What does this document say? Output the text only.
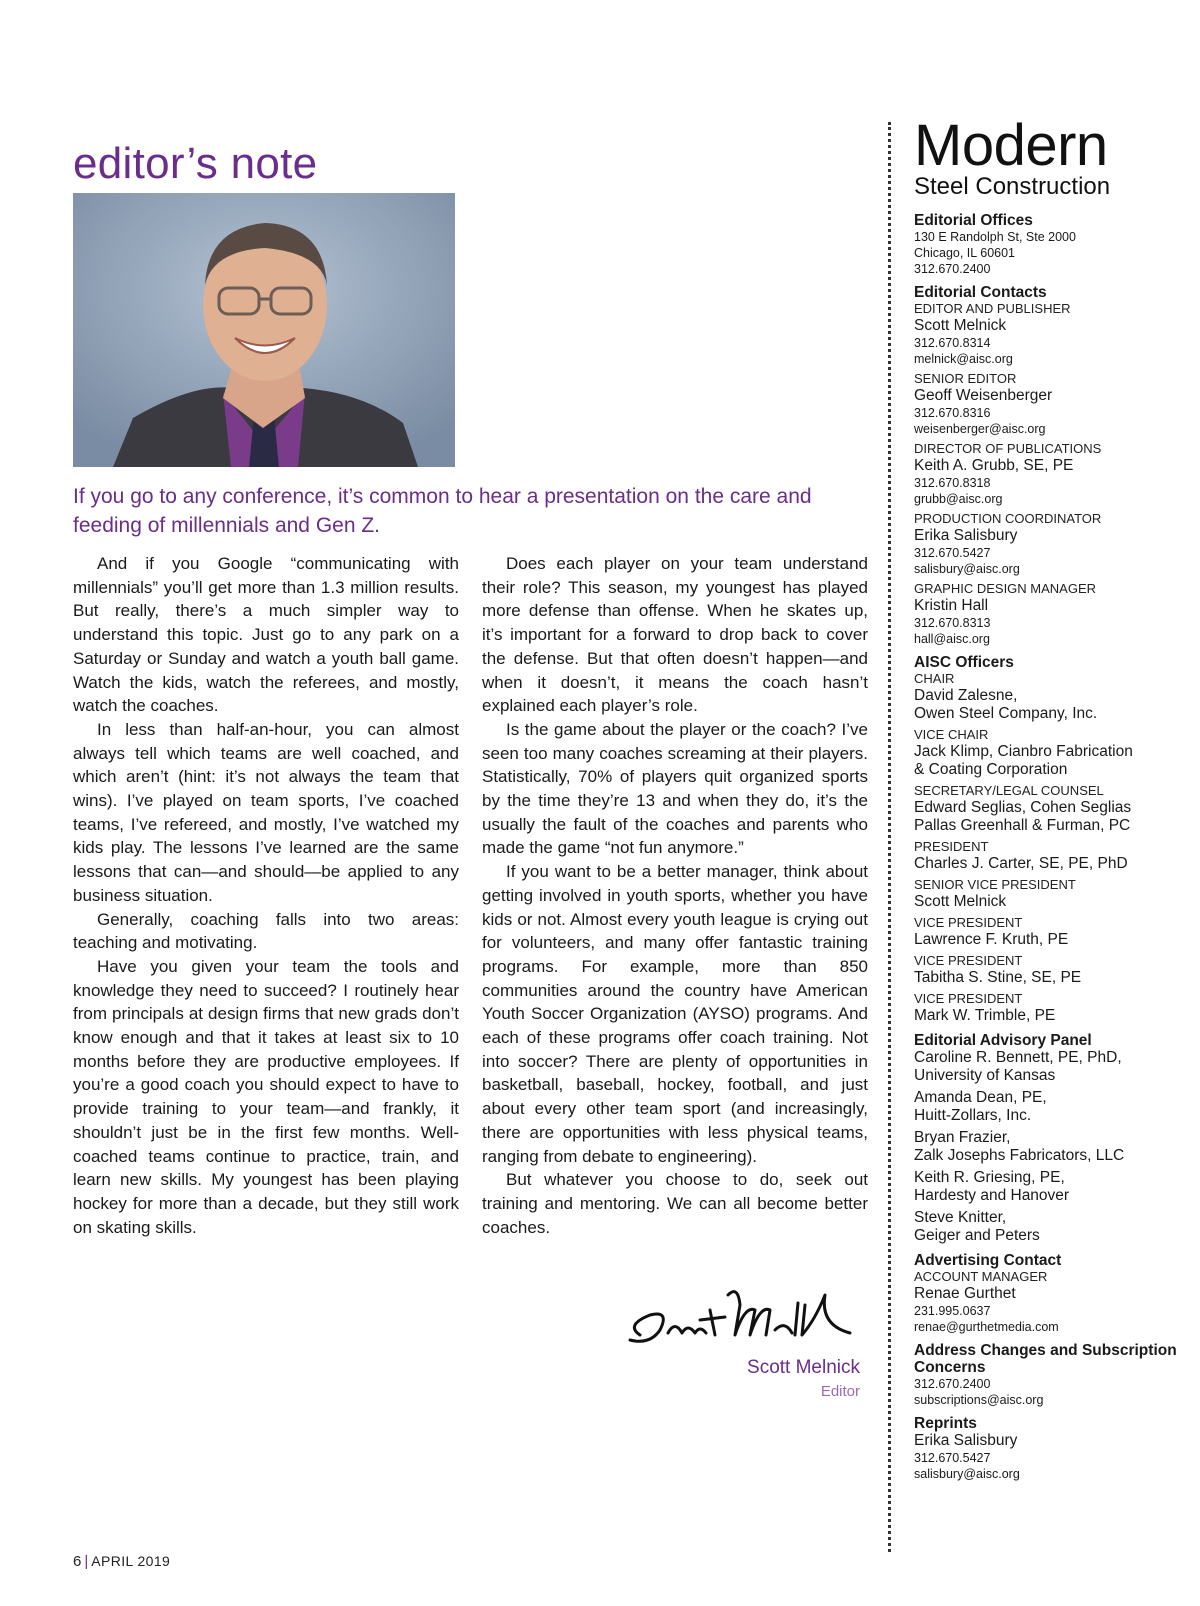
editor’s note
If you go to any conference, it’s common to hear a presentation on the care and feeding of millennials and Gen Z.

And if you Google “communicating with millennials” you’ll get more than 1.3 million results. But really, there’s a much simpler way to understand this topic. Just go to any park on a Saturday or Sunday and watch a youth ball game. Watch the kids, watch the referees, and mostly, watch the coaches.

In less than half-an-hour, you can almost always tell which teams are well coached, and which aren’t (hint: it’s not always the team that wins). I’ve played on team sports, I’ve coached teams, I’ve refereed, and mostly, I’ve watched my kids play. The lessons I’ve learned are the same lessons that can—and should—be applied to any business situation.

Generally, coaching falls into two areas: teaching and motivating.

Have you given your team the tools and knowledge they need to succeed? I routinely hear from principals at design firms that new grads don’t know enough and that it takes at least six to 10 months before they are productive employees. If you’re a good coach you should expect to have to provide training to your team—and frankly, it shouldn’t just be in the first few months. Well-coached teams continue to practice, train, and learn new skills. My youngest has been playing hockey for more than a decade, but they still work on skating skills.

Does each player on your team understand their role? This season, my youngest has played more defense than offense. When he skates up, it’s important for a forward to drop back to cover the defense. But that often doesn’t happen—and when it doesn’t, it means the coach hasn’t explained each player’s role.

Is the game about the player or the coach? I’ve seen too many coaches screaming at their players. Statistically, 70% of players quit organized sports by the time they’re 13 and when they do, it’s the usually the fault of the coaches and parents who made the game “not fun anymore.”

If you want to be a better manager, think about getting involved in youth sports, whether you have kids or not. Almost every youth league is crying out for volunteers, and many offer fantastic training programs. For example, more than 850 communities around the country have American Youth Soccer Organization (AYSO) programs. And each of these programs offer coach training. Not into soccer? There are plenty of opportunities in basketball, baseball, hockey, football, and just about every other team sport (and increasingly, there are opportunities with less physical teams, ranging from debate to engineering).

But whatever you choose to do, seek out training and mentoring. We can all become better coaches.

Scott Melnick
Editor
6 | APRIL 2019
Modern
Steel Construction
Editorial Offices
130 E Randolph St, Ste 2000
Chicago, IL 60601
312.670.2400
Editorial Contacts
EDITOR AND PUBLISHER
Scott Melnick
312.670.8314
melnick@aisc.org
SENIOR EDITOR
Geoff Weisenberger
312.670.8316
weisenberger@aisc.org
DIRECTOR OF PUBLICATIONS
Keith A. Grubb, SE, PE
312.670.8318
grubb@aisc.org
PRODUCTION COORDINATOR
Erika Salisbury
312.670.5427
salisbury@aisc.org
GRAPHIC DESIGN MANAGER
Kristin Hall
312.670.8313
hall@aisc.org
AISC Officers
CHAIR
David Zalesne,
Owen Steel Company, Inc.
VICE CHAIR
Jack Klimp, Cianbro Fabrication
& Coating Corporation
SECRETARY/LEGAL COUNSEL
Edward Seglias, Cohen Seglias
Pallas Greenhall & Furman, PC
PRESIDENT
Charles J. Carter, SE, PE, PhD
SENIOR VICE PRESIDENT
Scott Melnick
VICE PRESIDENT
Lawrence F. Kruth, PE
VICE PRESIDENT
Tabitha S. Stine, SE, PE
VICE PRESIDENT
Mark W. Trimble, PE
Editorial Advisory Panel
Caroline R. Bennett, PE, PhD,
University of Kansas
Amanda Dean, PE,
Huitt-Zollars, Inc.
Bryan Frazier,
Zalk Josephs Fabricators, LLC
Keith R. Griesing, PE,
Hardesty and Hanover
Steve Knitter,
Geiger and Peters
Advertising Contact
ACCOUNT MANAGER
Renae Gurthet
231.995.0637
renae@gurthetmedia.com
Address Changes and Subscription Concerns
312.670.2400
subscriptions@aisc.org
Reprints
Erika Salisbury
312.670.5427
salisbury@aisc.org
